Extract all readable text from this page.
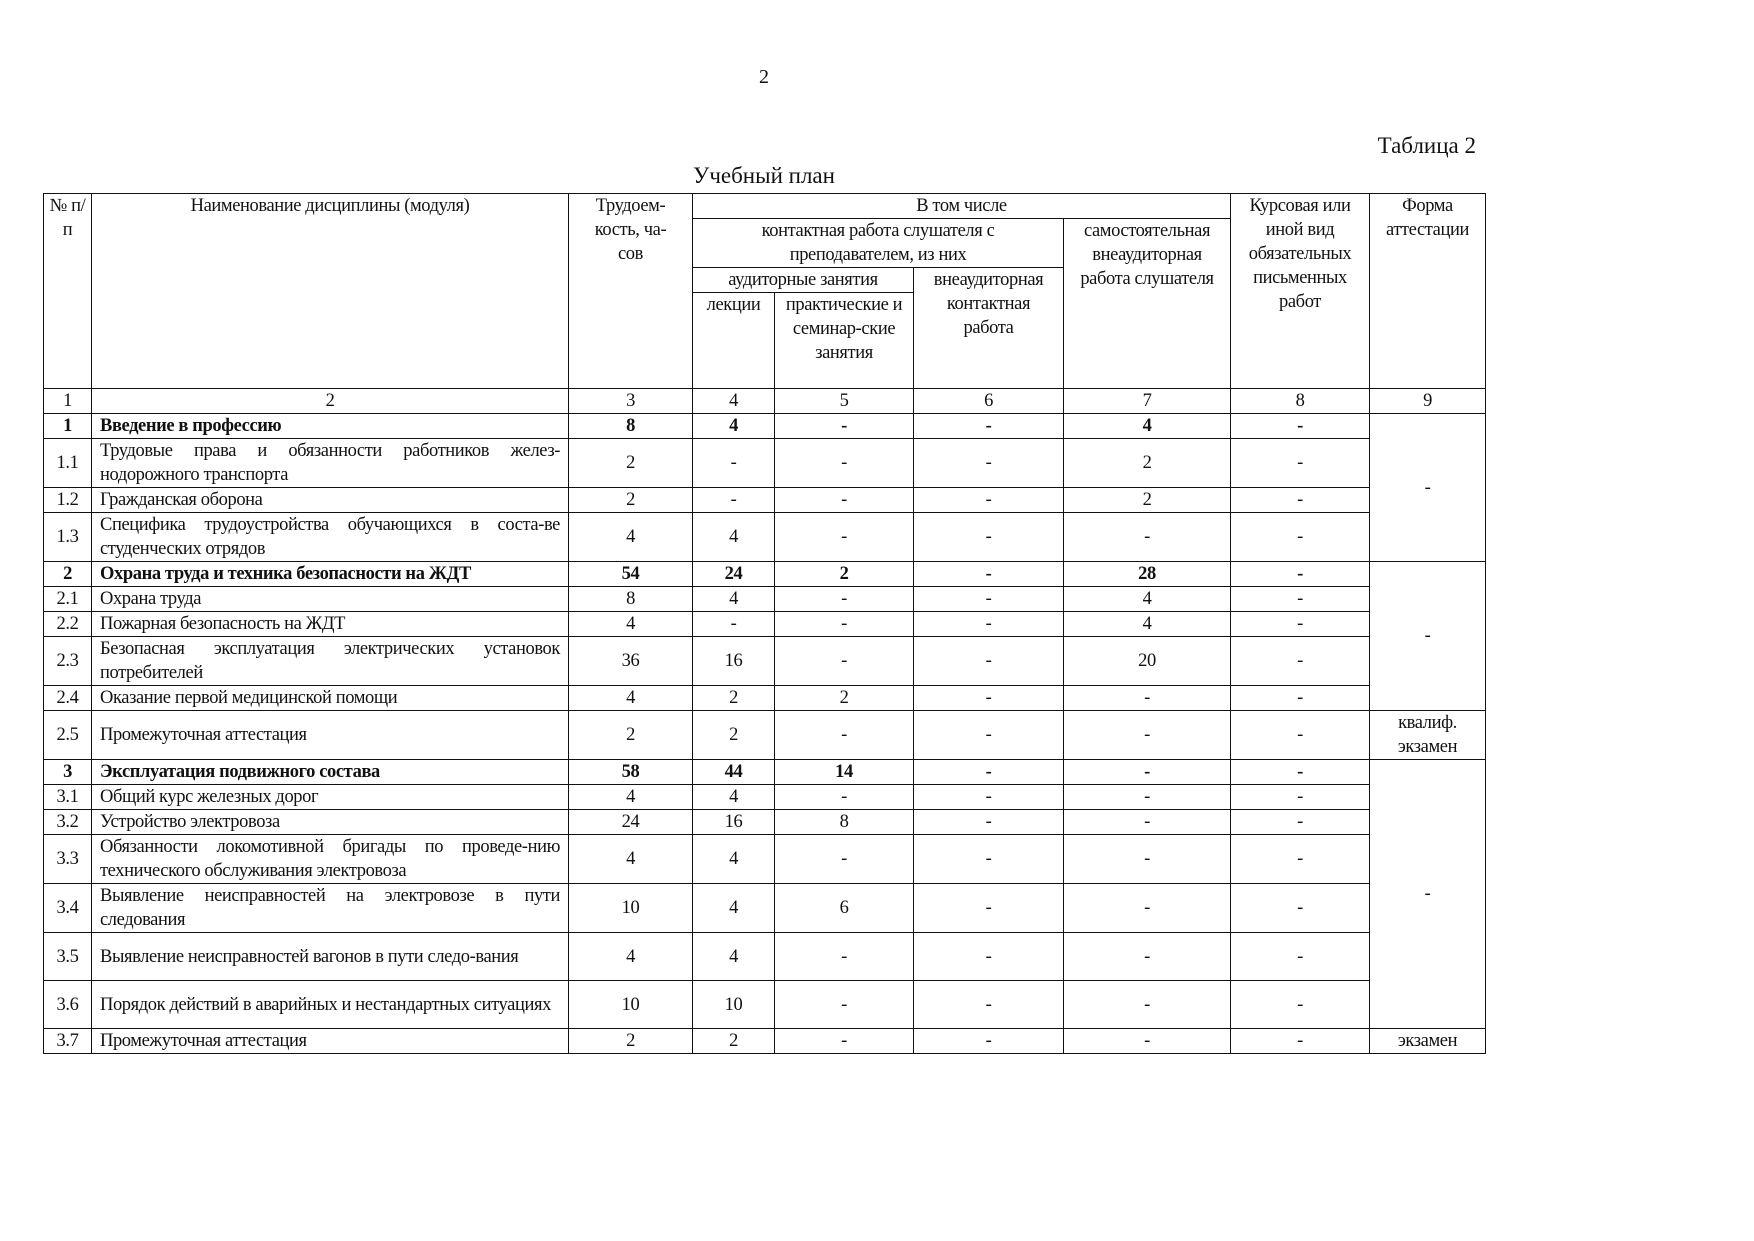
2
Таблица 2
Учебный план
№ п/п	Наименование дисциплины (модуля)	Трудоем-кость, ча-сов	В том числе				Курсовая или иной вид обязательных письменных работ	Форма аттестации
			контактная работа слушателя с преподавателем, из них			самостоятельная внеаудиторная работа слушателя		
			аудиторные занятия		внеаудиторная контактная работа			
			лекции	практические и семинар-ские занятия				
1	2	3	4	5	6	7	8	9
1	Введение в профессию	8	4	-	-	4	-	-
1.1	Трудовые права и обязанности работников желез-нодорожного транспорта	2	-	-	-	2	-	
1.2	Гражданская оборона	2	-	-	-	2	-	
1.3	Специфика трудоустройства обучающихся в соста-ве студенческих отрядов	4	4	-	-	-	-	
2	Охрана труда и техника безопасности на ЖДТ	54	24	2	-	28	-	-
2.1	Охрана труда	8	4	-	-	4	-	
2.2	Пожарная безопасность на ЖДТ	4	-	-	-	4	-	
2.3	Безопасная эксплуатация электрических установок потребителей	36	16	-	-	20	-	
2.4	Оказание первой медицинской помощи	4	2	2	-	-	-	
2.5	Промежуточная аттестация	2	2	-	-	-	-	квалиф. экзамен
3	Эксплуатация подвижного состава	58	44	14	-	-	-	-
3.1	Общий курс железных дорог	4	4	-	-	-	-	
3.2	Устройство электровоза	24	16	8	-	-	-	
3.3	Обязанности локомотивной бригады по проведе-нию технического обслуживания электровоза	4	4	-	-	-	-	
3.4	Выявление неисправностей на электровозе в пути следования	10	4	6	-	-	-	
3.5	Выявление неисправностей вагонов в пути следо-вания	4	4	-	-	-	-	
3.6	Порядок действий в аварийных и нестандартных ситуациях	10	10	-	-	-	-	
3.7	Промежуточная аттестация	2	2	-	-	-	-	экзамен
